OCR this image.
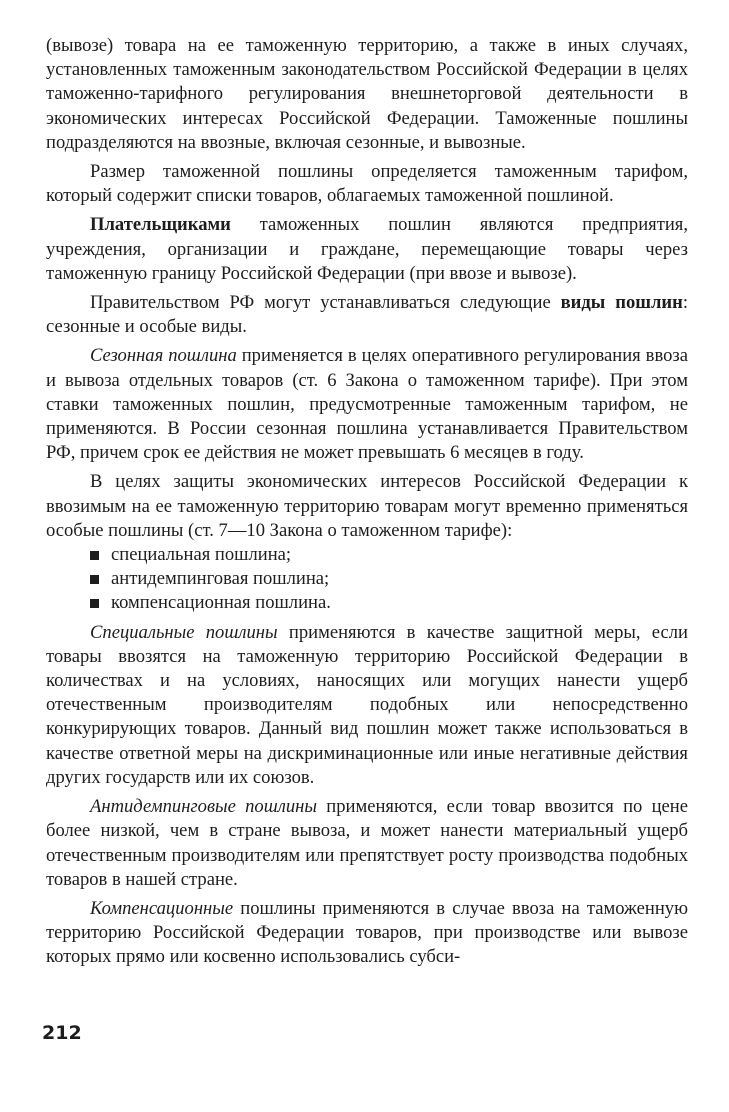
(вывозе) товара на ее таможенную территорию, а также в иных случаях, установленных таможенным законодательством Российской Федерации в целях таможенно-тарифного регулирования внешнеторговой деятельности в экономических интересах Российской Федерации. Таможенные пошлины подразделяются на ввозные, включая сезонные, и вывозные.

Размер таможенной пошлины определяется таможенным тарифом, который содержит списки товаров, облагаемых таможенной пошлиной.

Плательщиками таможенных пошлин являются предприятия, учреждения, организации и граждане, перемещающие товары через таможенную границу Российской Федерации (при ввозе и вывозе).

Правительством РФ могут устанавливаться следующие виды пошлин: сезонные и особые виды.

Сезонная пошлина применяется в целях оперативного регулирования ввоза и вывоза отдельных товаров (ст. 6 Закона о таможенном тарифе). При этом ставки таможенных пошлин, предусмотренные таможенным тарифом, не применяются. В России сезонная пошлина устанавливается Правительством РФ, причем срок ее действия не может превышать 6 месяцев в году.

В целях защиты экономических интересов Российской Федерации к ввозимым на ее таможенную территорию товарам могут временно применяться особые пошлины (ст. 7—10 Закона о таможенном тарифе):

специальная пошлина;
антидемпинговая пошлина;
компенсационная пошлина.

Специальные пошлины применяются в качестве защитной меры, если товары ввозятся на таможенную территорию Российской Федерации в количествах и на условиях, наносящих или могущих нанести ущерб отечественным производителям подобных или непосредственно конкурирующих товаров. Данный вид пошлин может также использоваться в качестве ответной меры на дискриминационные или иные негативные действия других государств или их союзов.

Антидемпинговые пошлины применяются, если товар ввозится по цене более низкой, чем в стране вывоза, и может нанести материальный ущерб отечественным производителям или препятствует росту производства подобных товаров в нашей стране.

Компенсационные пошлины применяются в случае ввоза на таможенную территорию Российской Федерации товаров, при производстве или вывозе которых прямо или косвенно использовались субси-

212
